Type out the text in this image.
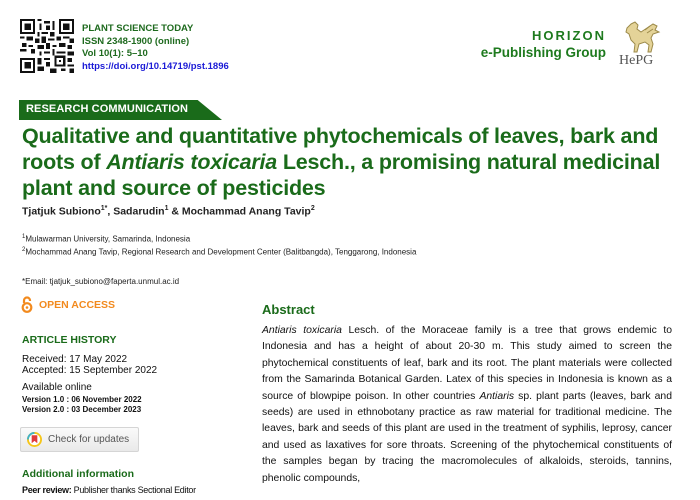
PLANT SCIENCE TODAY
ISSN 2348-1900 (online)
Vol 10(1): 5–10
https://doi.org/10.14719/pst.1896
HORIZON
e-Publishing Group
HePG
RESEARCH COMMUNICATION
Qualitative and quantitative phytochemicals of leaves, bark and roots of Antiaris toxicaria Lesch., a promising natural medicinal plant and source of pesticides
Tjatjuk Subiono$^{1*}$, Sadarudin$^1$ & Mochammad Anang Tavip$^2$
$^1$Mulawarman University, Samarinda, Indonesia
$^2$Mochammad Anang Tavip, Regional Research and Development Center (Balitbangda), Tenggarong, Indonesia
*Email: tjatjuk_subiono@faperta.unmul.ac.id
OPEN ACCESS
ARTICLE HISTORY
Received: 17 May 2022
Accepted: 15 September 2022
Available online
Version 1.0 : 06 November 2022
Version 2.0 : 03 December 2023
Check for updates
Additional information
Peer review: Publisher thanks Sectional Editor
Abstract

Antiaris toxicaria Lesch. of the Moraceae family is a tree that grows endemic to Indonesia and has a height of about 20-30 m. This study aimed to screen the phytochemical constituents of leaf, bark and its root. The plant materials were collected from the Samarinda Botanical Garden. Latex of this species in Indonesia is known as a source of blowpipe poison. In other countries Antiaris sp. plant parts (leaves, bark and seeds) are used in ethnobotany practice as raw material for traditional medicine. The leaves, bark and seeds of this plant are used in the treatment of syphilis, leprosy, cancer and used as laxatives for sore throats. Screening of the phytochemical constituents of the samples began by tracing the macromolecules of alkaloids, steroids, tannins, phenolic compounds,
